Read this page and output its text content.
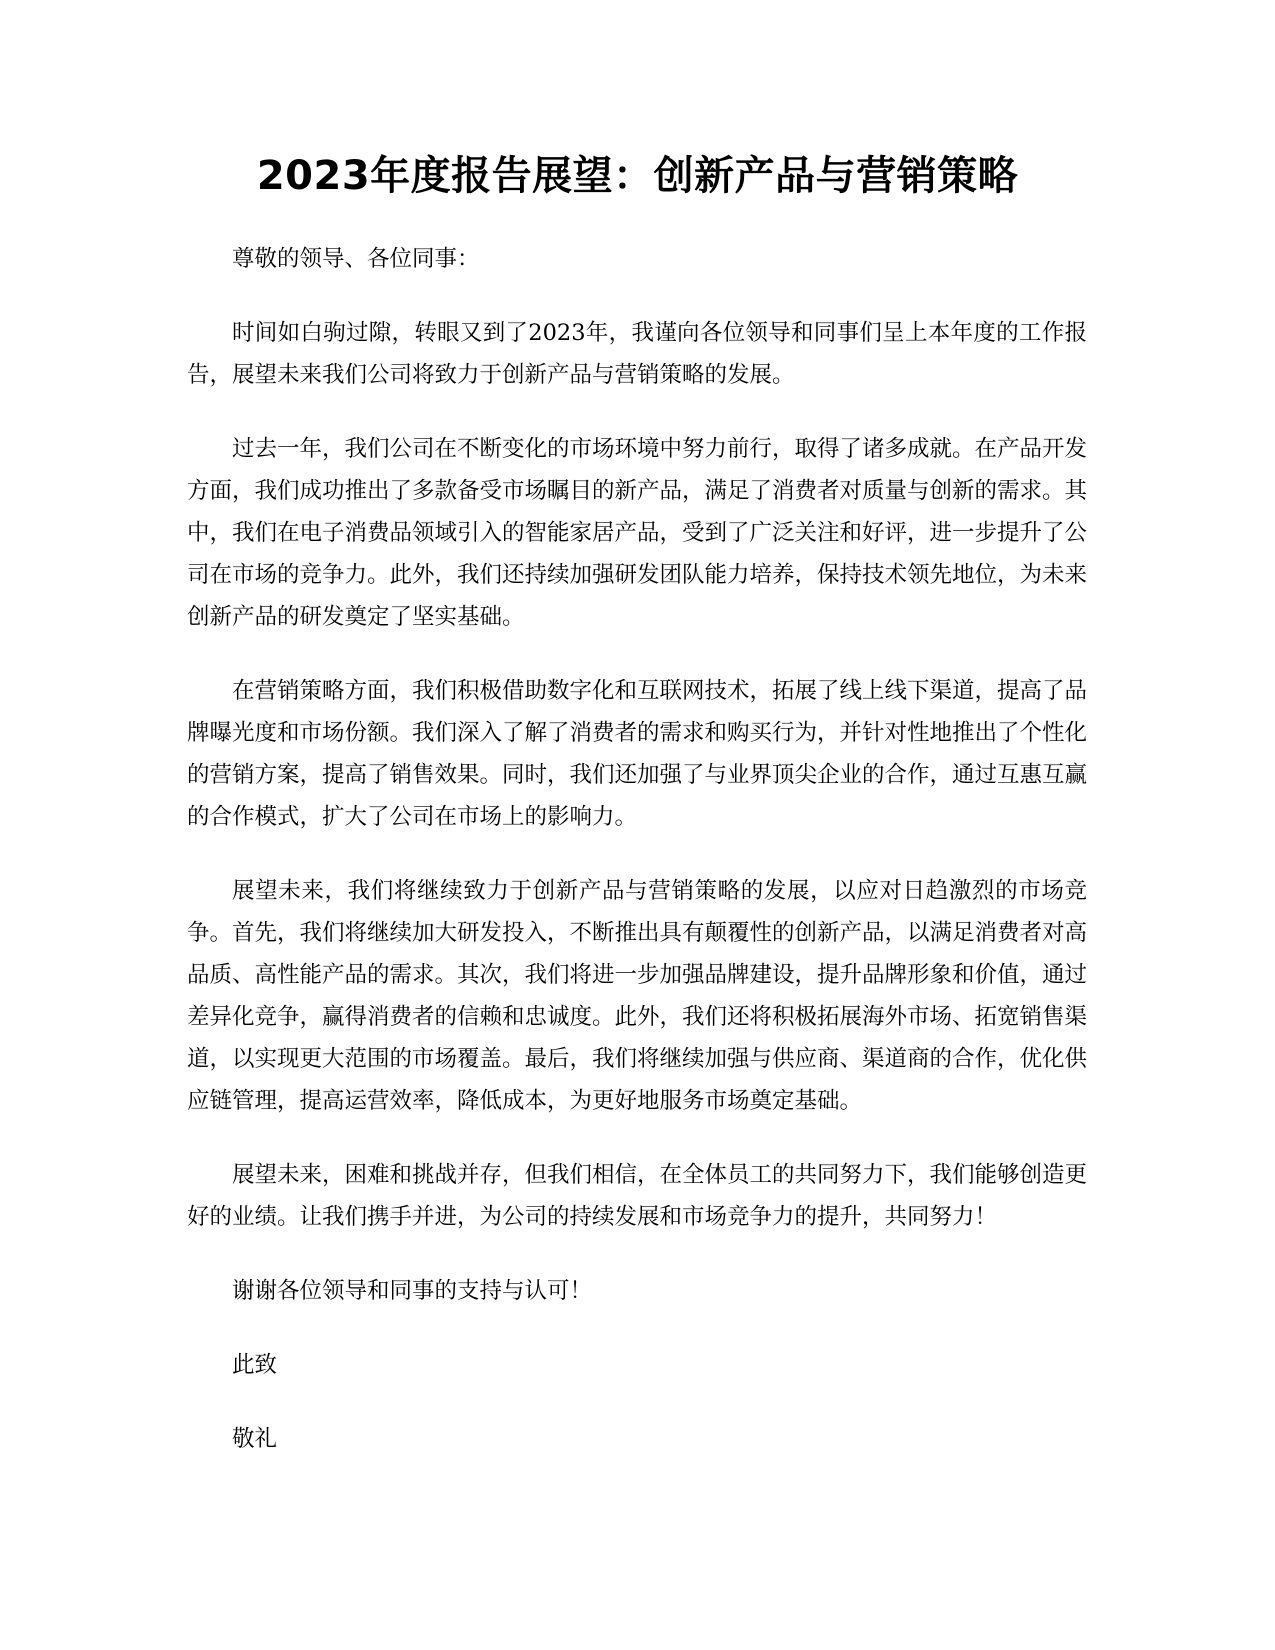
2023年度报告展望：创新产品与营销策略

尊敬的领导、各位同事：

时间如白驹过隙，转眼又到了2023年，我谨向各位领导和同事们呈上本年度的工作报告，展望未来我们公司将致力于创新产品与营销策略的发展。

过去一年，我们公司在不断变化的市场环境中努力前行，取得了诸多成就。在产品开发方面，我们成功推出了多款备受市场瞩目的新产品，满足了消费者对质量与创新的需求。其中，我们在电子消费品领域引入的智能家居产品，受到了广泛关注和好评，进一步提升了公司在市场的竞争力。此外，我们还持续加强研发团队能力培养，保持技术领先地位，为未来创新产品的研发奠定了坚实基础。

在营销策略方面，我们积极借助数字化和互联网技术，拓展了线上线下渠道，提高了品牌曝光度和市场份额。我们深入了解了消费者的需求和购买行为，并针对性地推出了个性化的营销方案，提高了销售效果。同时，我们还加强了与业界顶尖企业的合作，通过互惠互赢的合作模式，扩大了公司在市场上的影响力。

展望未来，我们将继续致力于创新产品与营销策略的发展，以应对日趋激烈的市场竞争。首先，我们将继续加大研发投入，不断推出具有颠覆性的创新产品，以满足消费者对高品质、高性能产品的需求。其次，我们将进一步加强品牌建设，提升品牌形象和价值，通过差异化竞争，赢得消费者的信赖和忠诚度。此外，我们还将积极拓展海外市场、拓宽销售渠道，以实现更大范围的市场覆盖。最后，我们将继续加强与供应商、渠道商的合作，优化供应链管理，提高运营效率，降低成本，为更好地服务市场奠定基础。

展望未来，困难和挑战并存，但我们相信，在全体员工的共同努力下，我们能够创造更好的业绩。让我们携手并进，为公司的持续发展和市场竞争力的提升，共同努力！

谢谢各位领导和同事的支持与认可！

此致

敬礼
